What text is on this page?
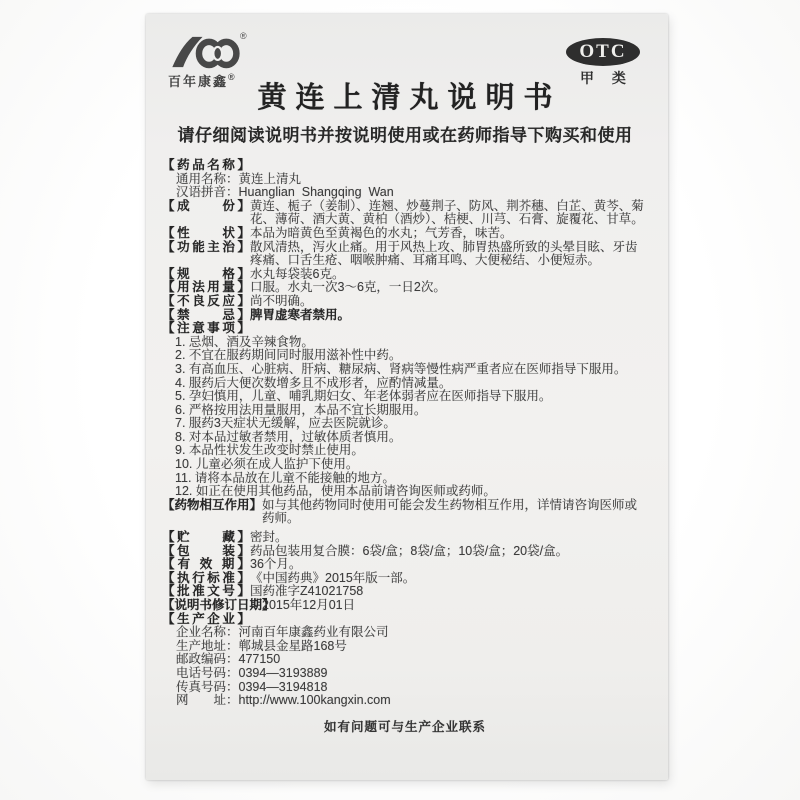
®
百年康鑫®
OTC
甲 类
黄连上清丸说明书
请仔细阅读说明书并按说明使用或在药师指导下购买和使用
【药品名称】
通用名称：黄连上清丸
汉语拼音：Huanglian  Shangqing  Wan
【成　　份】 黄连、栀子（姜制）、连翘、炒蔓荆子、防风、荆芥穗、白芷、黄芩、菊花、薄荷、酒大黄、黄柏（酒炒）、桔梗、川芎、石膏、旋覆花、甘草。
【性　　状】 本品为暗黄色至黄褐色的水丸；气芳香，味苦。
【功能主治】 散风清热，泻火止痛。用于风热上攻、肺胃热盛所致的头晕目眩、牙齿疼痛、口舌生疮、咽喉肿痛、耳痛耳鸣、大便秘结、小便短赤。
【规　　格】 水丸每袋装6克。
【用法用量】 口服。水丸一次3～6克，一日2次。
【不良反应】 尚不明确。
【禁　　忌】 脾胃虚寒者禁用。
【注意事项】
1. 忌烟、酒及辛辣食物。
2. 不宜在服药期间同时服用滋补性中药。
3. 有高血压、心脏病、肝病、糖尿病、肾病等慢性病严重者应在医师指导下服用。
4. 服药后大便次数增多且不成形者，应酌情减量。
5. 孕妇慎用，儿童、哺乳期妇女、年老体弱者应在医师指导下服用。
6. 严格按用法用量服用，本品不宜长期服用。
7. 服药3天症状无缓解，应去医院就诊。
8. 对本品过敏者禁用，过敏体质者慎用。
9. 本品性状发生改变时禁止使用。
10. 儿童必须在成人监护下使用。
11. 请将本品放在儿童不能接触的地方。
12. 如正在使用其他药品，使用本品前请咨询医师或药师。
【药物相互作用】 如与其他药物同时使用可能会发生药物相互作用，详情请咨询医师或药师。
【贮　　藏】 密封。
【包　　装】 药品包装用复合膜：6袋/盒；8袋/盒；10袋/盒；20袋/盒。
【有 效 期】 36个月。
【执行标准】 《中国药典》2015年版一部。
【批准文号】 国药准字Z41021758
【说明书修订日期】
2015年12月01日
【生产企业】
企业名称：河南百年康鑫药业有限公司
生产地址：郸城县金星路168号
邮政编码：477150
电话号码：0394—3193889
传真号码：0394—3194818
网　　址：http://www.100kangxin.com
如有问题可与生产企业联系
